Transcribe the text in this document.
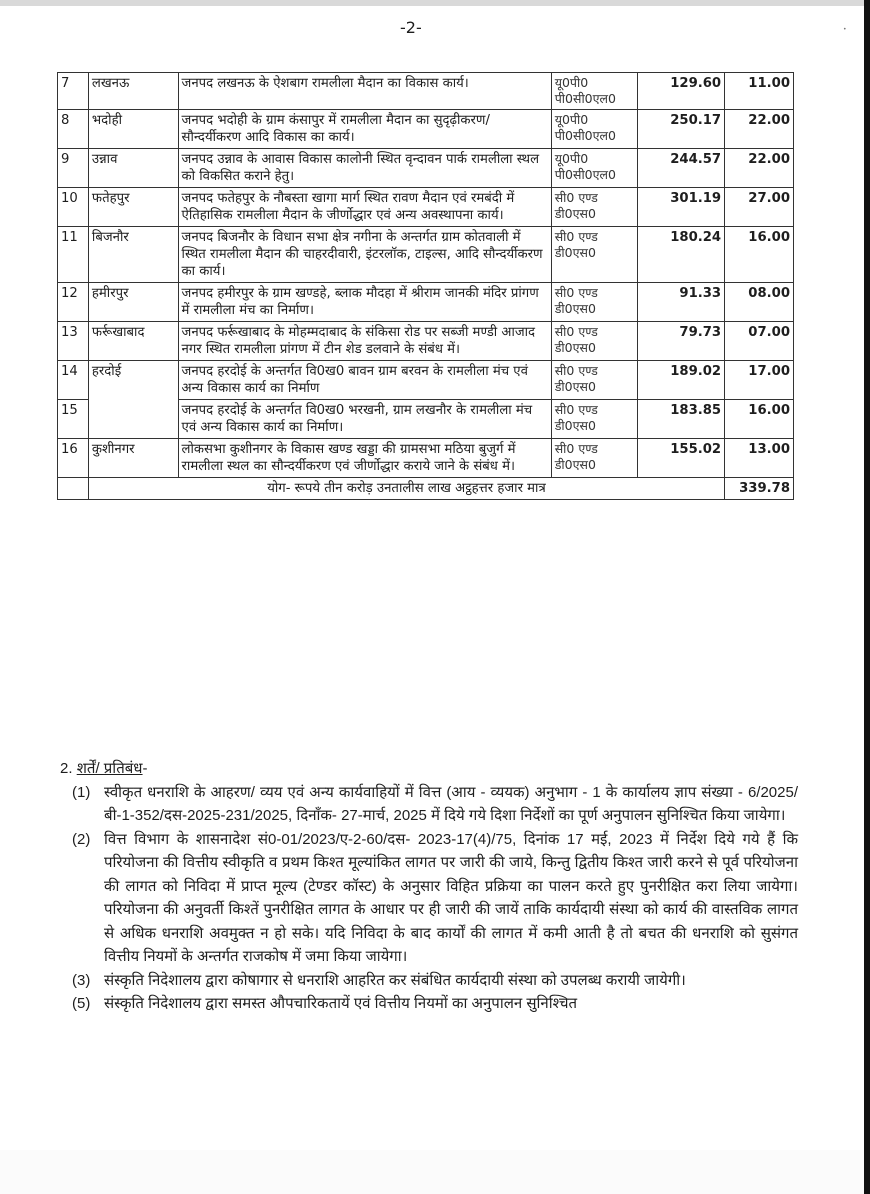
-2-	•
7	लखनऊ	जनपद लखनऊ के ऐशबाग रामलीला मैदान का विकास कार्य।	यू0पी0 पी0सी0एल0	129.60	11.00
8	भदोही	जनपद भदोही के ग्राम कंसापुर में रामलीला मैदान का सुदृढ़ीकरण/ सौन्दर्यीकरण आदि विकास का कार्य।	यू0पी0 पी0सी0एल0	250.17	22.00
9	उन्नाव	जनपद उन्नाव के आवास विकास कालोनी स्थित वृन्दावन पार्क रामलीला स्थल को विकसित कराने हेतु।	यू0पी0 पी0सी0एल0	244.57	22.00
10	फतेहपुर	जनपद फतेहपुर के नौबस्ता खागा मार्ग स्थित रावण मैदान एवं रमबंदी में ऐतिहासिक रामलीला मैदान के जीर्णोद्धार एवं अन्य अवस्थापना कार्य।	सी0 एण्ड डी0एस0	301.19	27.00
11	बिजनौर	जनपद बिजनौर के विधान सभा क्षेत्र नगीना के अन्तर्गत ग्राम कोतवाली में स्थित रामलीला मैदान की चाहरदीवारी, इंटरलॉक, टाइल्स, आदि सौन्दर्यीकरण का कार्य।	सी0 एण्ड डी0एस0	180.24	16.00
12	हमीरपुर	जनपद हमीरपुर के ग्राम खण्डहे, ब्लाक मौदहा में श्रीराम जानकी मंदिर प्रांगण में रामलीला मंच का निर्माण।	सी0 एण्ड डी0एस0	91.33	08.00
13	फर्रूखाबाद	जनपद फर्रूखाबाद के मोहम्मदाबाद के संकिसा रोड पर सब्जी मण्डी आजाद नगर स्थित रामलीला प्रांगण में टीन शेड डलवाने के संबंध में।	सी0 एण्ड डी0एस0	79.73	07.00
14	हरदोई	जनपद हरदोई के अन्तर्गत वि0ख0 बावन ग्राम बरवन के रामलीला मंच एवं अन्य विकास कार्य का निर्माण	सी0 एण्ड डी0एस0	189.02	17.00
15		जनपद हरदोई के अन्तर्गत वि0ख0 भरखनी, ग्राम लखनौर के रामलीला मंच एवं अन्य विकास कार्य का निर्माण।	सी0 एण्ड डी0एस0	183.85	16.00
16	कुशीनगर	लोकसभा कुशीनगर के विकास खण्ड खड्डा की ग्रामसभा मठिया बुजुर्ग में रामलीला स्थल का सौन्दर्यीकरण एवं जीर्णोद्धार कराये जाने के संबंध में।	सी0 एण्ड डी0एस0	155.02	13.00
	योग- रूपये तीन करोड़ उनतालीस लाख अट्ठहत्तर हजार मात्र				339.78

2. शर्तें/ प्रतिबंध-

(1) स्वीकृत धनराशि के आहरण/ व्यय एवं अन्य कार्यवाहियों में वित्त (आय - व्ययक) अनुभाग - 1 के कार्यालय ज्ञाप संख्या - 6/2025/बी-1-352/दस-2025-231/2025, दिनाँक- 27-मार्च, 2025 में दिये गये दिशा निर्देशों का पूर्ण अनुपालन सुनिश्चित किया जायेगा।

(2) वित्त विभाग के शासनादेश सं0-01/2023/ए-2-60/दस- 2023-17(4)/75, दिनांक 17 मई, 2023 में निर्देश दिये गये हैं कि परियोजना की वित्तीय स्वीकृति व प्रथम किश्त मूल्यांकित लागत पर जारी की जाये, किन्तु द्वितीय किश्त जारी करने से पूर्व परियोजना की लागत को निविदा में प्राप्त मूल्य (टेण्डर कॉस्ट) के अनुसार विहित प्रक्रिया का पालन करते हुए पुनरीक्षित करा लिया जायेगा। परियोजना की अनुवर्ती किश्तें पुनरीक्षित लागत के आधार पर ही जारी की जायें ताकि कार्यदायी संस्था को कार्य की वास्तविक लागत से अधिक धनराशि अवमुक्त न हो सके। यदि निविदा के बाद कार्यों की लागत में कमी आती है तो बचत की धनराशि को सुसंगत वित्तीय नियमों के अन्तर्गत राजकोष में जमा किया जायेगा।

(3) संस्कृति निदेशालय द्वारा कोषागार से धनराशि आहरित कर संबंधित कार्यदायी संस्था को उपलब्ध करायी जायेगी।

(5) संस्कृति निदेशालय द्वारा समस्त औपचारिकतायें एवं वित्तीय नियमों का अनुपालन सुनिश्चित
